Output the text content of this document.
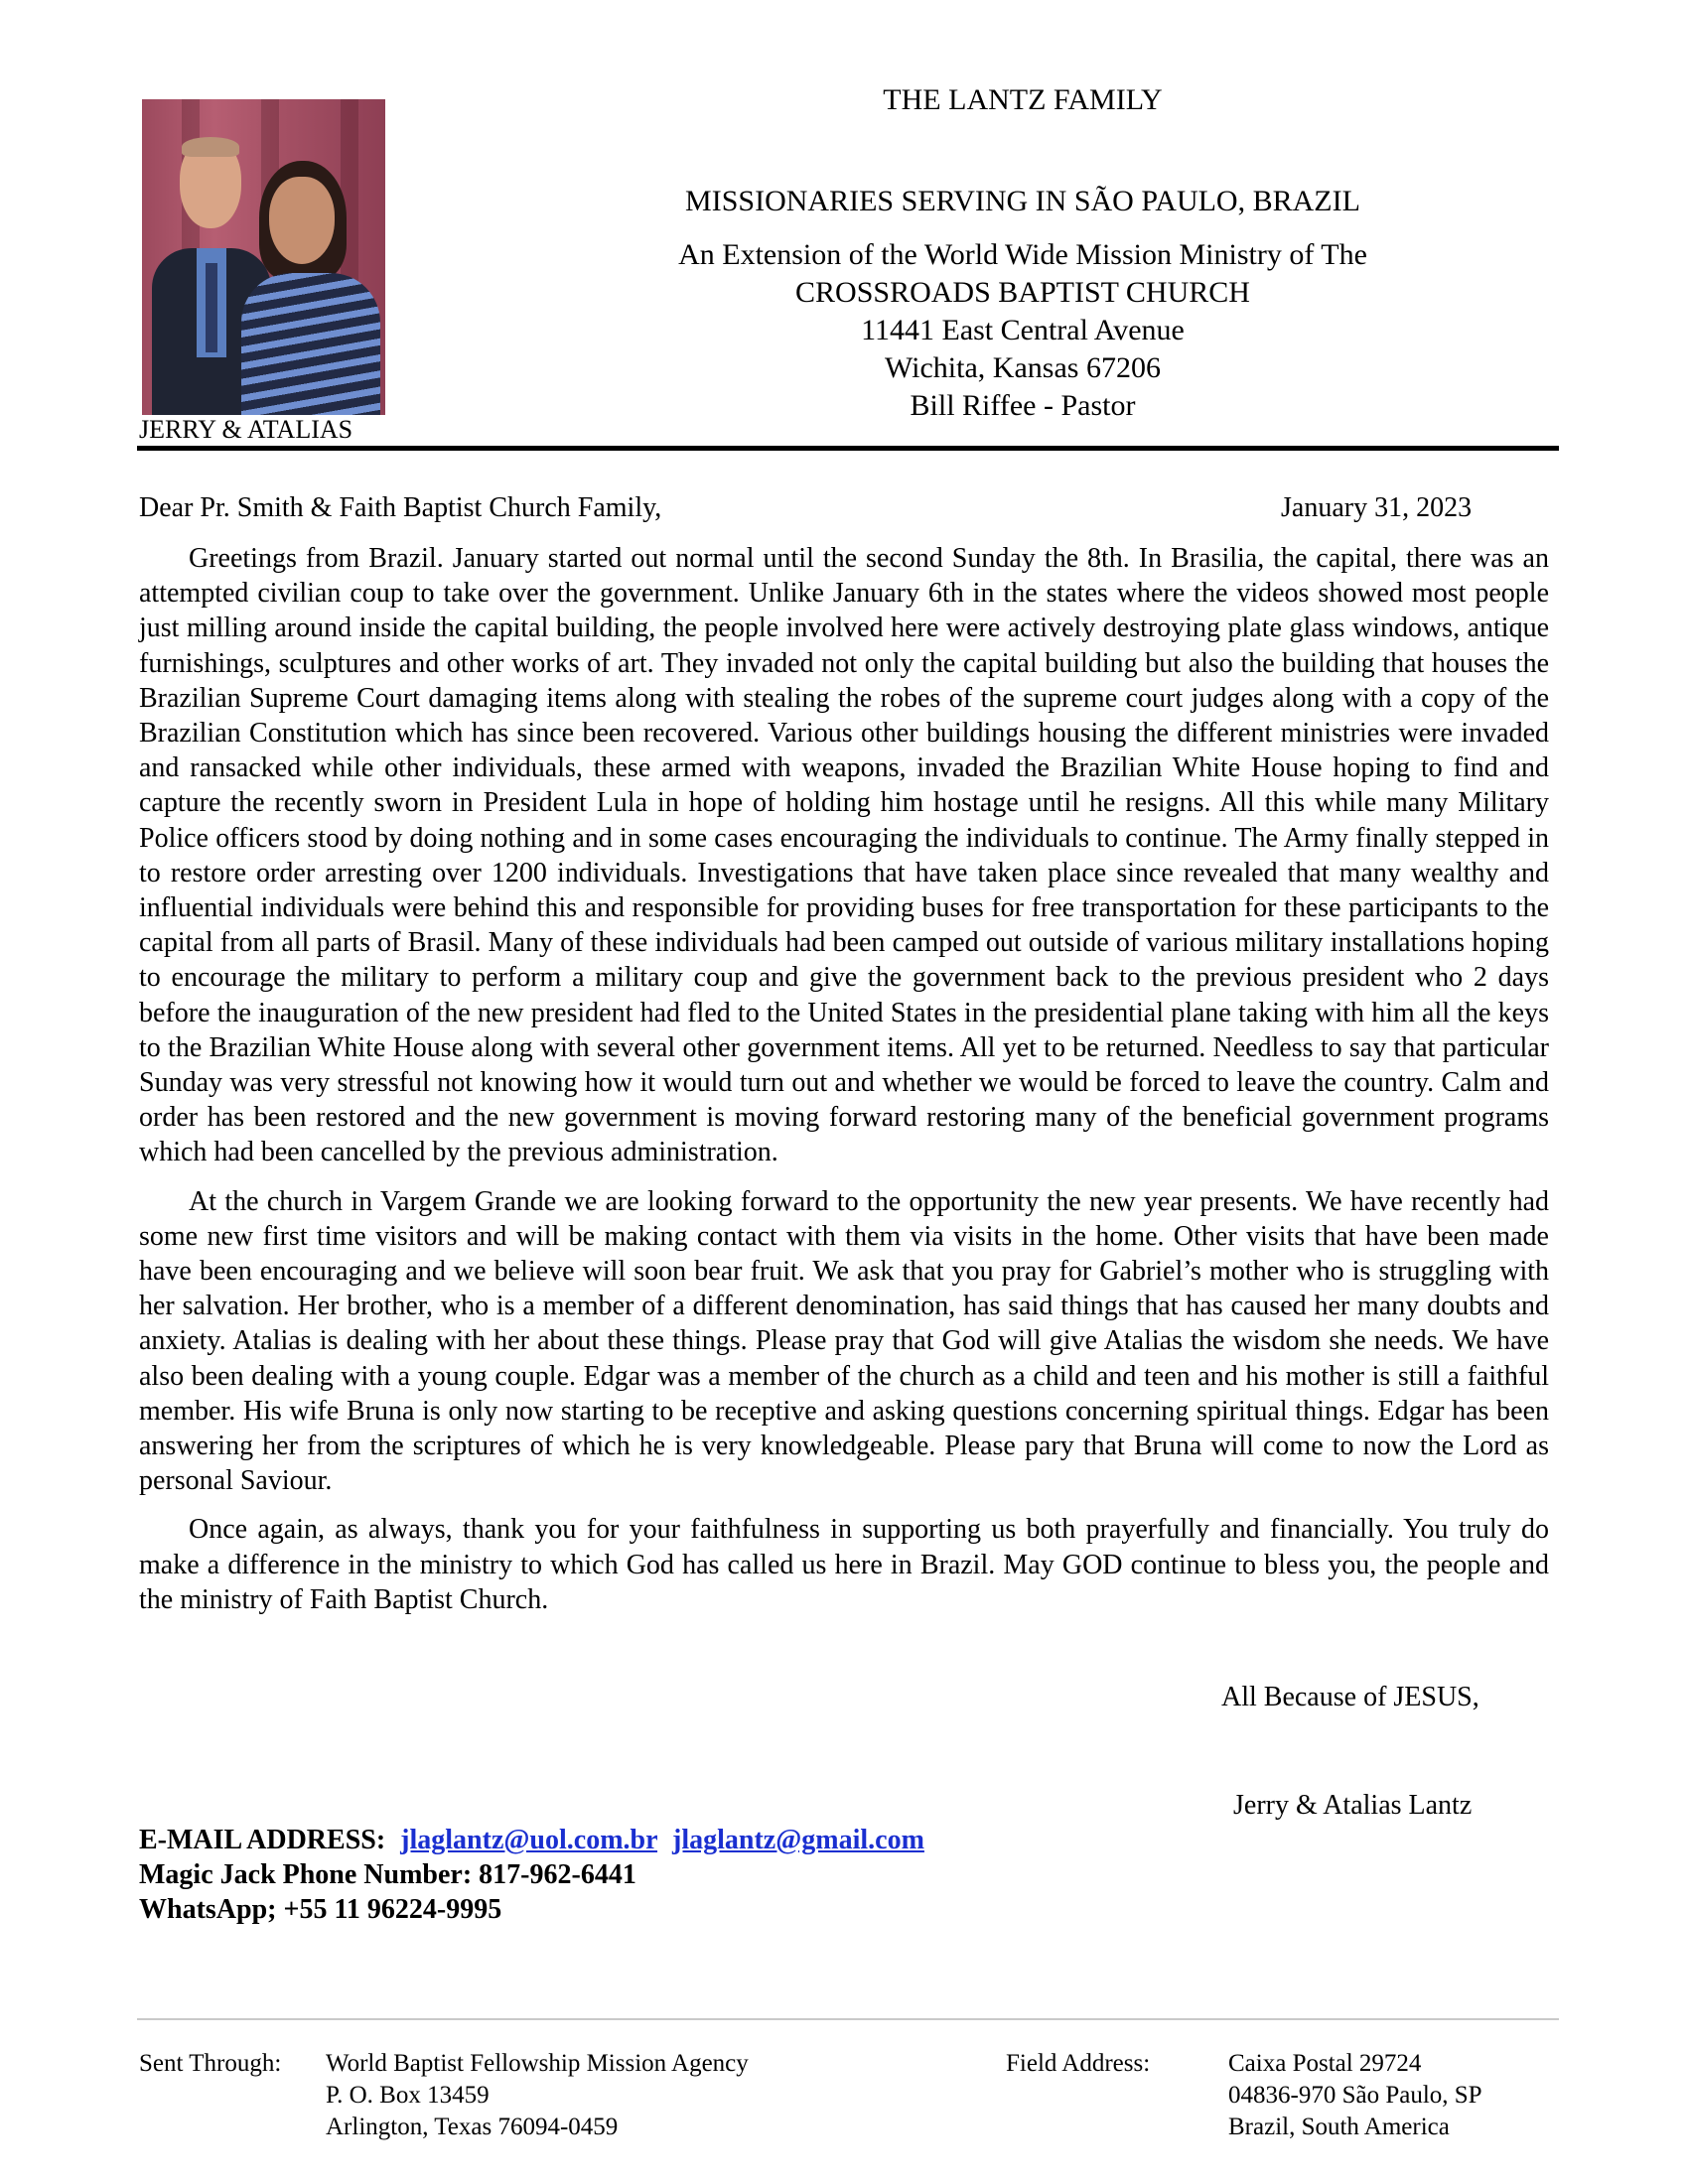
JERRY & ATALIAS
THE LANTZ FAMILY
MISSIONARIES SERVING IN SÃO PAULO, BRAZIL
An Extension of the World Wide Mission Ministry of The
CROSSROADS BAPTIST CHURCH
11441 East Central Avenue
Wichita, Kansas 67206
Bill Riffee - Pastor
Dear Pr. Smith & Faith Baptist Church Family,	January 31, 2023

Greetings from Brazil. January started out normal until the second Sunday the 8th. In Brasilia, the capital, there was an attempted civilian coup to take over the government. Unlike January 6th in the states where the videos showed most people just milling around inside the capital building, the people involved here were actively destroying plate glass windows, antique furnishings, sculptures and other works of art. They invaded not only the capital building but also the building that houses the Brazilian Supreme Court damaging items along with stealing the robes of the supreme court judges along with a copy of the Brazilian Constitution which has since been recovered. Various other buildings housing the different ministries were invaded and ransacked while other individuals, these armed with weapons, invaded the Brazilian White House hoping to find and capture the recently sworn in President Lula in hope of holding him hostage until he resigns. All this while many Military Police officers stood by doing nothing and in some cases encouraging the individuals to continue. The Army finally stepped in to restore order arresting over 1200 individuals. Investigations that have taken place since revealed that many wealthy and influential individuals were behind this and responsible for providing buses for free transportation for these participants to the capital from all parts of Brasil. Many of these individuals had been camped out outside of various military installations hoping to encourage the military to perform a military coup and give the government back to the previous president who 2 days before the inauguration of the new president had fled to the United States in the presidential plane taking with him all the keys to the Brazilian White House along with several other government items. All yet to be returned. Needless to say that particular Sunday was very stressful not knowing how it would turn out and whether we would be forced to leave the country. Calm and order has been restored and the new government is moving forward restoring many of the beneficial government programs which had been cancelled by the previous administration.

At the church in Vargem Grande we are looking forward to the opportunity the new year presents. We have recently had some new first time visitors and will be making contact with them via visits in the home. Other visits that have been made have been encouraging and we believe will soon bear fruit. We ask that you pray for Gabriel’s mother who is struggling with her salvation. Her brother, who is a member of a different denomination, has said things that has caused her many doubts and anxiety. Atalias is dealing with her about these things. Please pray that God will give Atalias the wisdom she needs. We have also been dealing with a young couple. Edgar was a member of the church as a child and teen and his mother is still a faithful member. His wife Bruna is only now starting to be receptive and asking questions concerning spiritual things. Edgar has been answering her from the scriptures of which he is very knowledgeable. Please pary that Bruna will come to now the Lord as personal Saviour.

Once again, as always, thank you for your faithfulness in supporting us both prayerfully and financially. You truly do make a difference in the ministry to which God has called us here in Brazil. May GOD continue to bless you, the people and the ministry of Faith Baptist Church.

All Because of JESUS,
Jerry & Atalias Lantz
E-MAIL ADDRESS: jlaglantz@uol.com.br jlaglantz@gmail.com
Magic Jack Phone Number: 817-962-6441
WhatsApp; +55 11 96224-9995
Sent Through: World Baptist Fellowship Mission Agency
P. O. Box 13459
Arlington, Texas 76094-0459
Field Address:	Caixa Postal 29724
04836-970 São Paulo, SP
Brazil, South America
